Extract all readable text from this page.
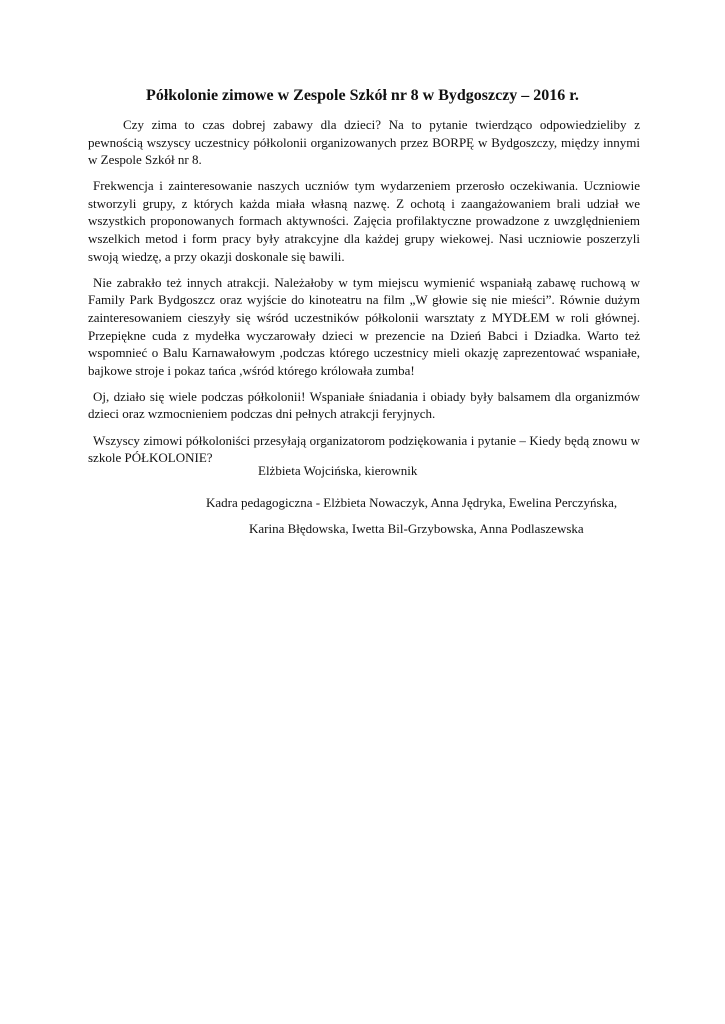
Półkolonie zimowe w Zespole Szkół nr 8 w Bydgoszczy – 2016 r.

Czy zima to czas dobrej zabawy dla dzieci? Na to pytanie twierdząco odpowiedzieliby z pewnością wszyscy uczestnicy półkolonii organizowanych przez BORPĘ w Bydgoszczy, między innymi w Zespole Szkół nr 8.

Frekwencja i zainteresowanie naszych uczniów tym wydarzeniem przerosło oczekiwania. Uczniowie stworzyli grupy, z których każda miała własną nazwę. Z ochotą i zaangażowaniem brali udział we wszystkich proponowanych formach aktywności. Zajęcia profilaktyczne prowadzone z uwzględnieniem wszelkich metod i form pracy były atrakcyjne dla każdej grupy wiekowej. Nasi uczniowie poszerzyli swoją wiedzę, a przy okazji doskonale się bawili.

Nie zabrakło też innych atrakcji. Należałoby w tym miejscu wymienić wspaniałą zabawę ruchową w Family Park Bydgoszcz oraz wyjście do kinoteatru na film „W głowie się nie mieści”. Równie dużym zainteresowaniem cieszyły się wśród uczestników półkolonii warsztaty z MYDŁEM w roli głównej. Przepiękne cuda z mydełka wyczarowały dzieci w prezencie na Dzień Babci i Dziadka. Warto też wspomnieć o Balu Karnawałowym ,podczas którego uczestnicy mieli okazję zaprezentować wspaniałe, bajkowe stroje i pokaz tańca ,wśród którego królowała zumba!

Oj, działo się wiele podczas półkolonii! Wspaniałe śniadania i obiady były balsamem dla organizmów dzieci oraz wzmocnieniem podczas dni pełnych atrakcji feryjnych.

Wszyscy zimowi półkoloniści przesyłają organizatorom podziękowania i pytanie – Kiedy będą znowu w szkole PÓŁKOLONIE?

Elżbieta Wojcińska, kierownik

Kadra pedagogiczna - Elżbieta Nowaczyk, Anna Jędryka, Ewelina Perczyńska,

Karina Błędowska, Iwetta Bil-Grzybowska, Anna Podlaszewska
